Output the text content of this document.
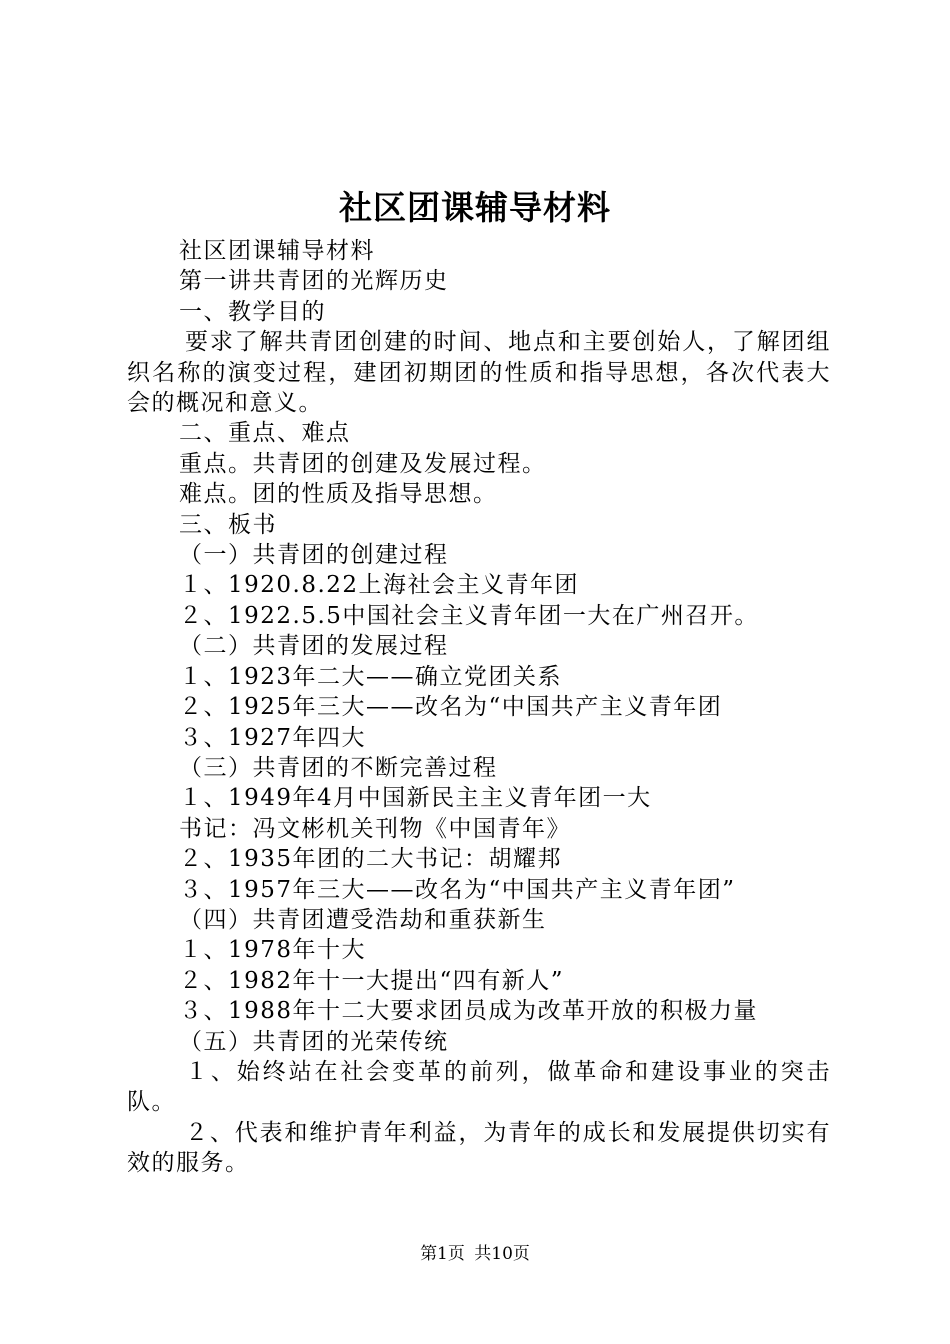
社区团课辅导材料

社区团课辅导材料

第一讲共青团的光辉历史

一、教学目的

要求了解共青团创建的时间、地点和主要创始人，了解团组织名称的演变过程，建团初期团的性质和指导思想，各次代表大会的概况和意义。

二、重点、难点

重点。共青团的创建及发展过程。

难点。团的性质及指导思想。

三、板书

（一）共青团的创建过程

１、1920.8.22上海社会主义青年团

２、1922.5.5中国社会主义青年团一大在广州召开。

（二）共青团的发展过程

１、1923年二大——确立党团关系

２、1925年三大——改名为“中国共产主义青年团

３、1927年四大

（三）共青团的不断完善过程

１、1949年4月中国新民主主义青年团一大

书记：冯文彬机关刊物《中国青年》

２、1935年团的二大书记：胡耀邦

３、1957年三大——改名为“中国共产主义青年团”

（四）共青团遭受浩劫和重获新生

１、1978年十大

２、1982年十一大提出“四有新人”

３、1988年十二大要求团员成为改革开放的积极力量

（五）共青团的光荣传统

１、始终站在社会变革的前列，做革命和建设事业的突击队。

２、代表和维护青年利益，为青年的成长和发展提供切实有效的服务。

第1页 共10页
